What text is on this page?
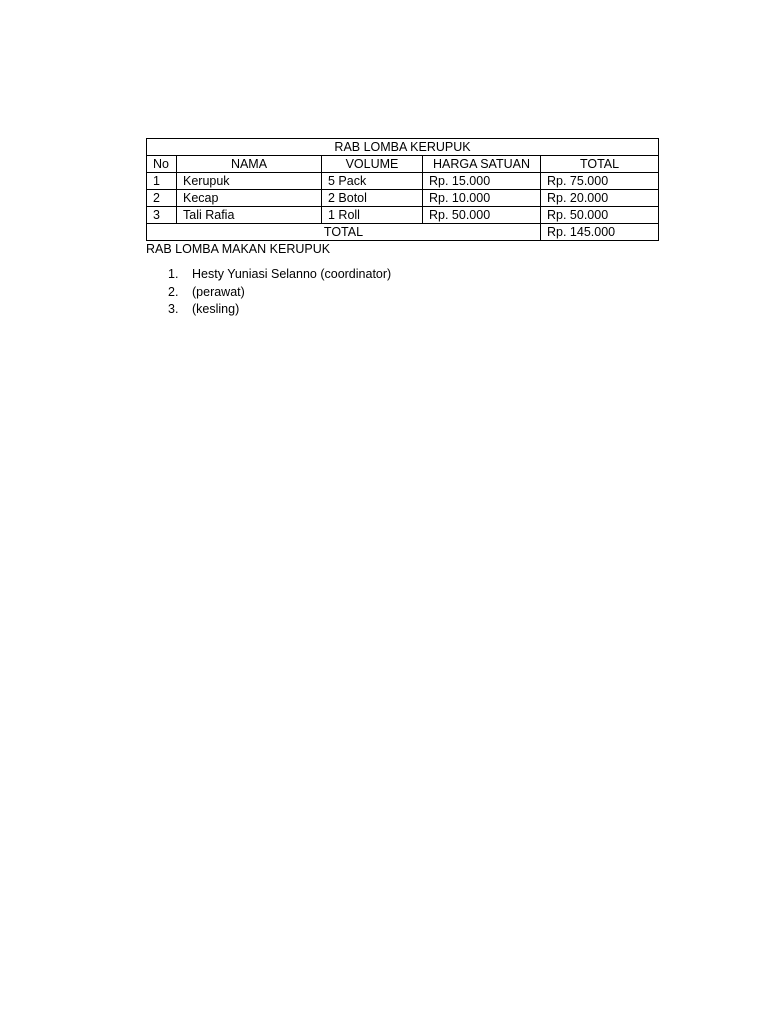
RAB LOMBA KERUPUK				
No	NAMA	VOLUME	HARGA SATUAN	TOTAL
1	Kerupuk	5 Pack	Rp. 15.000	Rp. 75.000
2	Kecap	2 Botol	Rp. 10.000	Rp. 20.000
3	Tali Rafia	1 Roll	Rp. 50.000	Rp. 50.000
TOTAL				Rp. 145.000
RAB LOMBA MAKAN KERUPUK
1. Hesty Yuniasi Selanno (coordinator)
2. (perawat)
3. (kesling)
